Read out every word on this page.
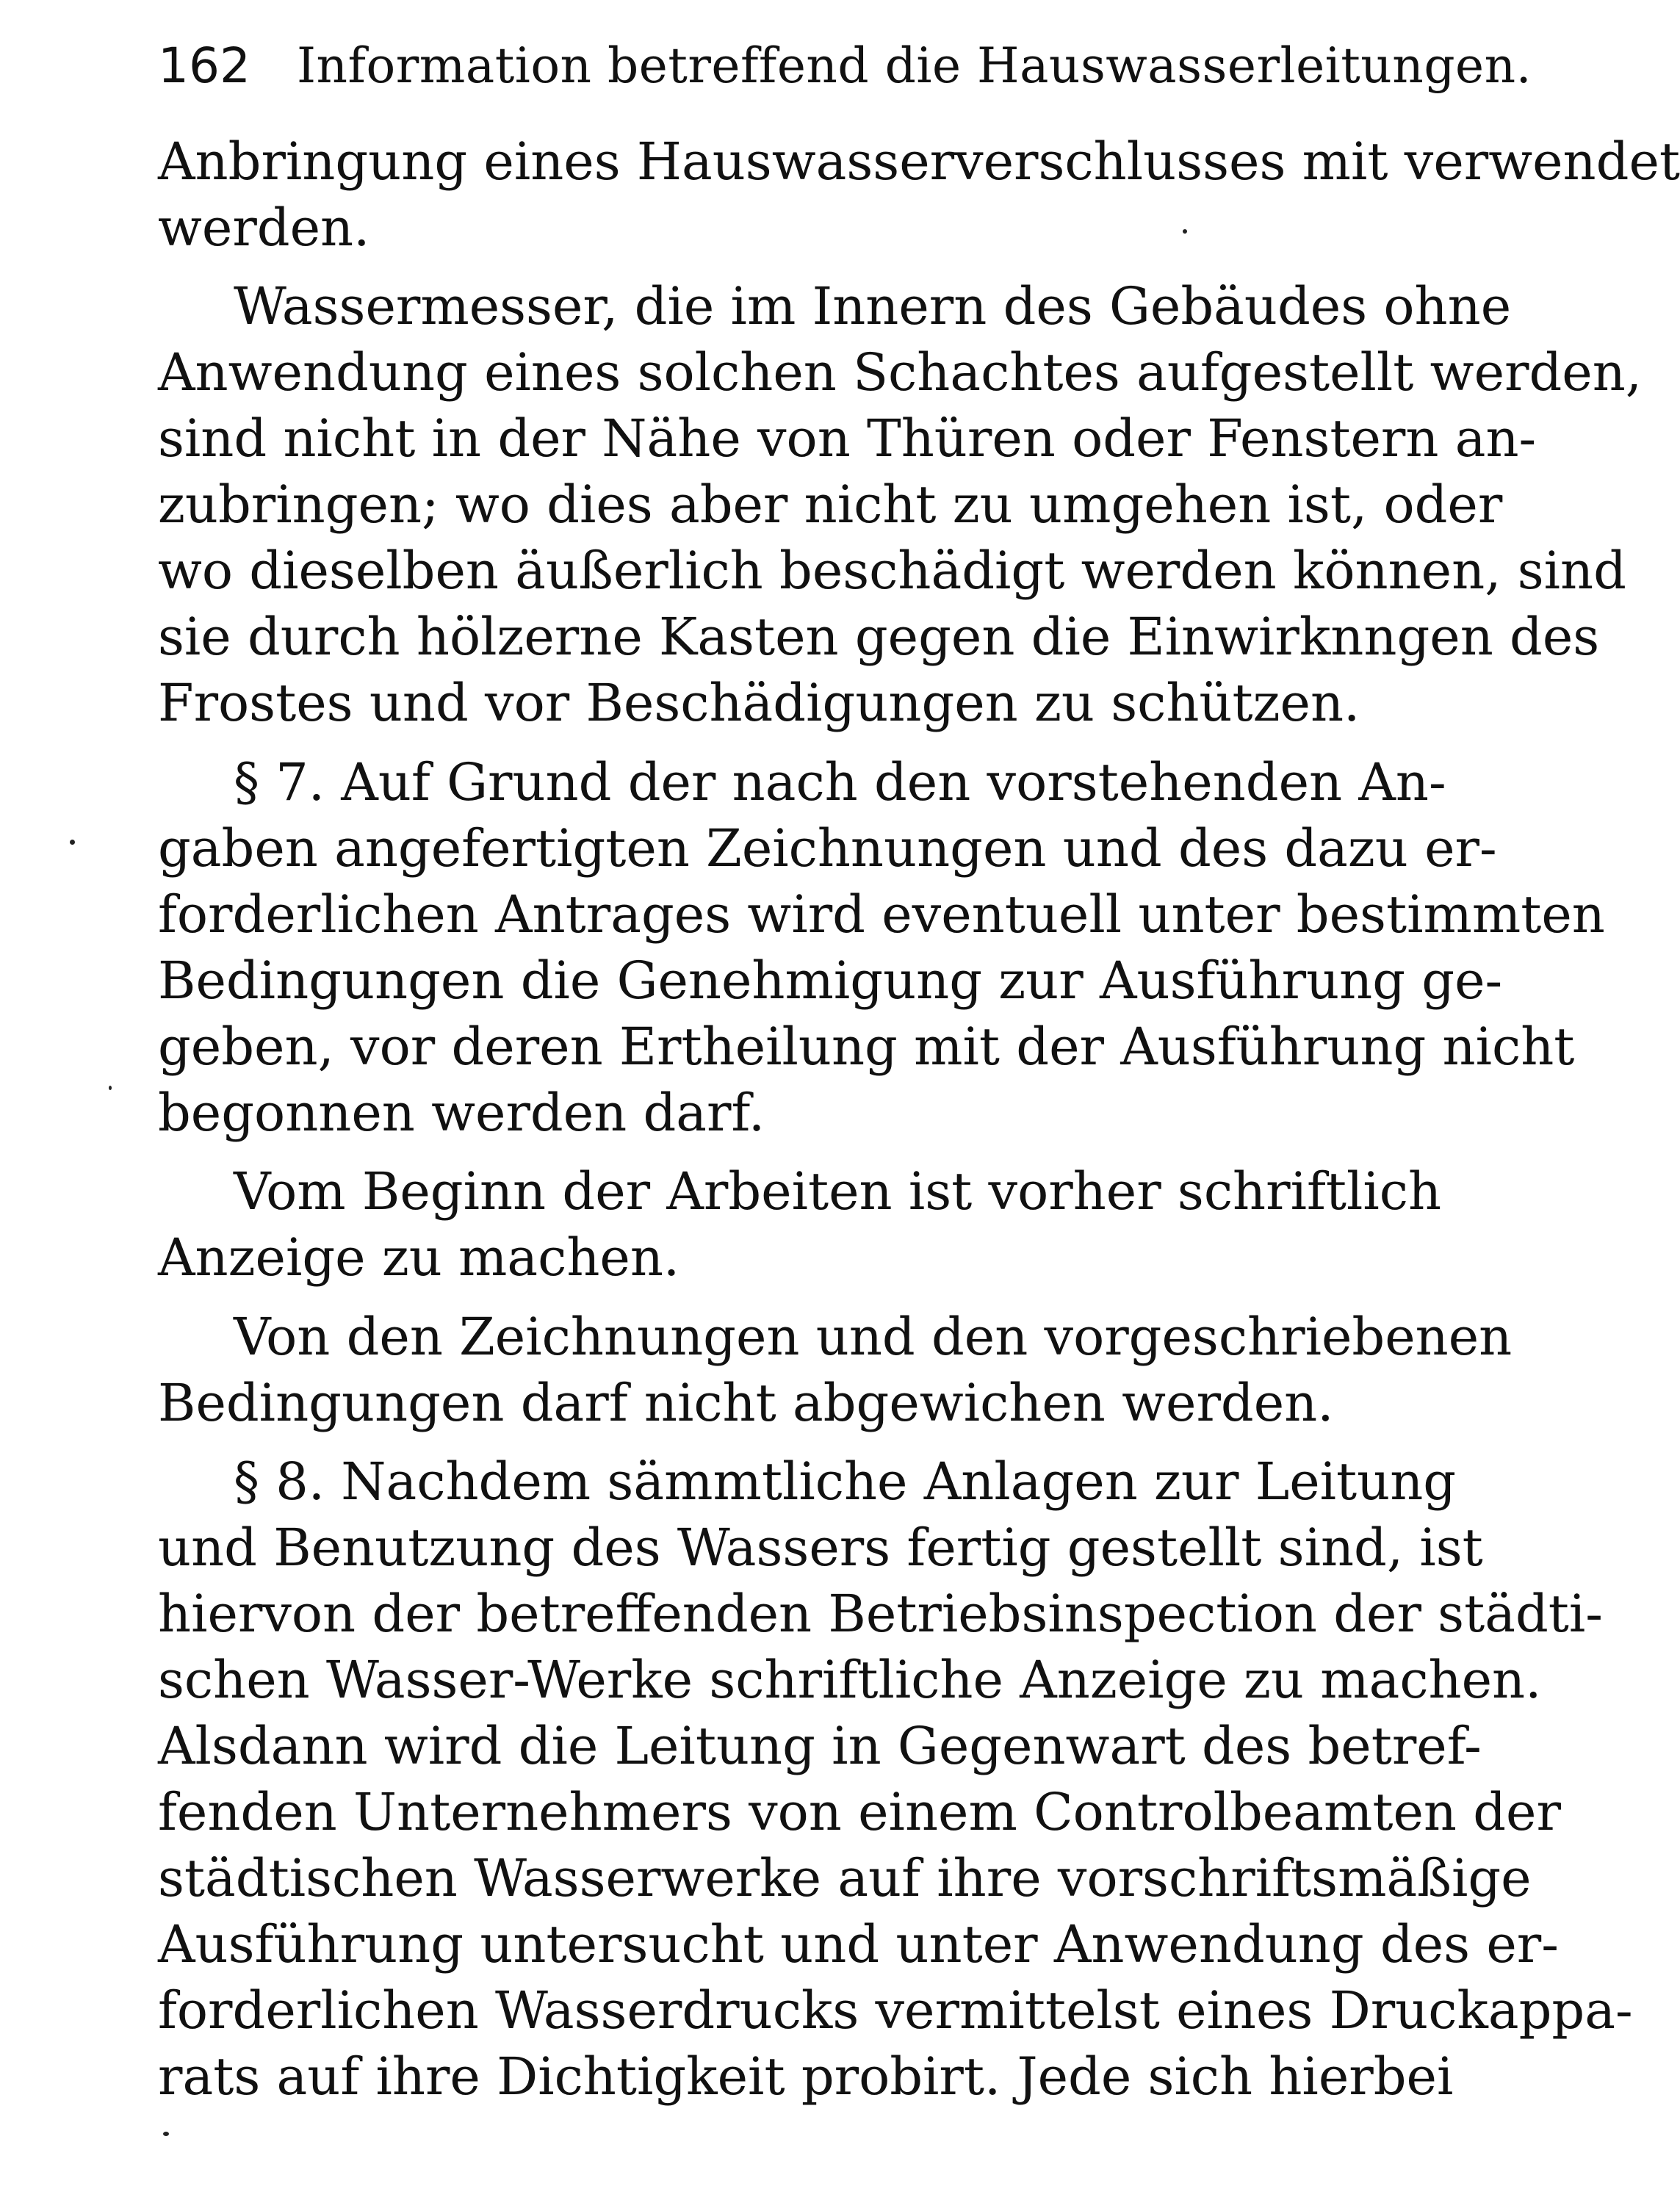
162 Information betreffend die Hauswasserleitungen.
Anbringung eines Hauswasserverschlusses mit verwendet
werden.
Wassermesser, die im Innern des Gebäudes ohne
Anwendung eines solchen Schachtes aufgestellt werden,
sind nicht in der Nähe von Thüren oder Fenstern an-
zubringen; wo dies aber nicht zu umgehen ist, oder
wo dieselben äußerlich beschädigt werden können, sind
sie durch hölzerne Kasten gegen die Einwirknngen des
Frostes und vor Beschädigungen zu schützen.
§ 7. Auf Grund der nach den vorstehenden An-
gaben angefertigten Zeichnungen und des dazu er-
forderlichen Antrages wird eventuell unter bestimmten
Bedingungen die Genehmigung zur Ausführung ge-
geben, vor deren Ertheilung mit der Ausführung nicht
begonnen werden darf.
Vom Beginn der Arbeiten ist vorher schriftlich
Anzeige zu machen.
Von den Zeichnungen und den vorgeschriebenen
Bedingungen darf nicht abgewichen werden.
§ 8. Nachdem sämmtliche Anlagen zur Leitung
und Benutzung des Wassers fertig gestellt sind, ist
hiervon der betreffenden Betriebsinspection der städti-
schen Wasser-Werke schriftliche Anzeige zu machen.
Alsdann wird die Leitung in Gegenwart des betref-
fenden Unternehmers von einem Controlbeamten der
städtischen Wasserwerke auf ihre vorschriftsmäßige
Ausführung untersucht und unter Anwendung des er-
forderlichen Wasserdrucks vermittelst eines Druckappa-
rats auf ihre Dichtigkeit probirt. Jede sich hierbei
